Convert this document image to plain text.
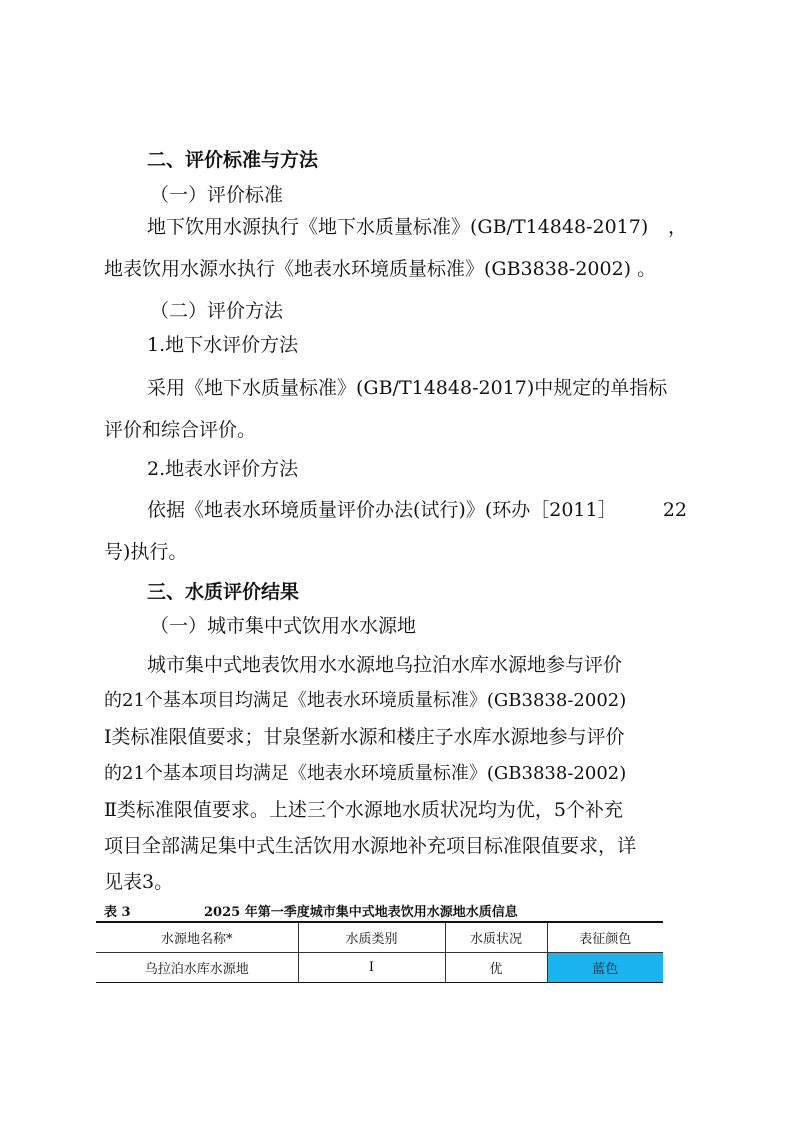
二、评价标准与方法
（一）评价标准
地下饮用水源执行《地下水质量标准》(GB/T14848-2017) ，
地表饮用水源水执行《地表水环境质量标准》(GB3838-2002) 。
（二）评价方法
1.地下水评价方法
采用《地下水质量标准》(GB/T14848-2017)中规定的单指标
评价和综合评价。
2.地表水评价方法
依据《地表水环境质量评价办法(试行)》(环办［2011］ 22
号)执行。
三、水质评价结果
（一）城市集中式饮用水水源地
城市集中式地表饮用水水源地乌拉泊水库水源地参与评价
的21个基本项目均满足《地表水环境质量标准》(GB3838-2002)
Ⅰ类标准限值要求；甘泉堡新水源和楼庄子水库水源地参与评价
的21个基本项目均满足《地表水环境质量标准》(GB3838-2002)
Ⅱ类标准限值要求。上述三个水源地水质状况均为优，5个补充
项目全部满足集中式生活饮用水源地补充项目标准限值要求，详
见表3。
表 3	2025 年第一季度城市集中式地表饮用水源地水质信息
水源地名称*	水质类别	水质状况	表征颜色
乌拉泊水库水源地	Ⅰ	优	蓝色
